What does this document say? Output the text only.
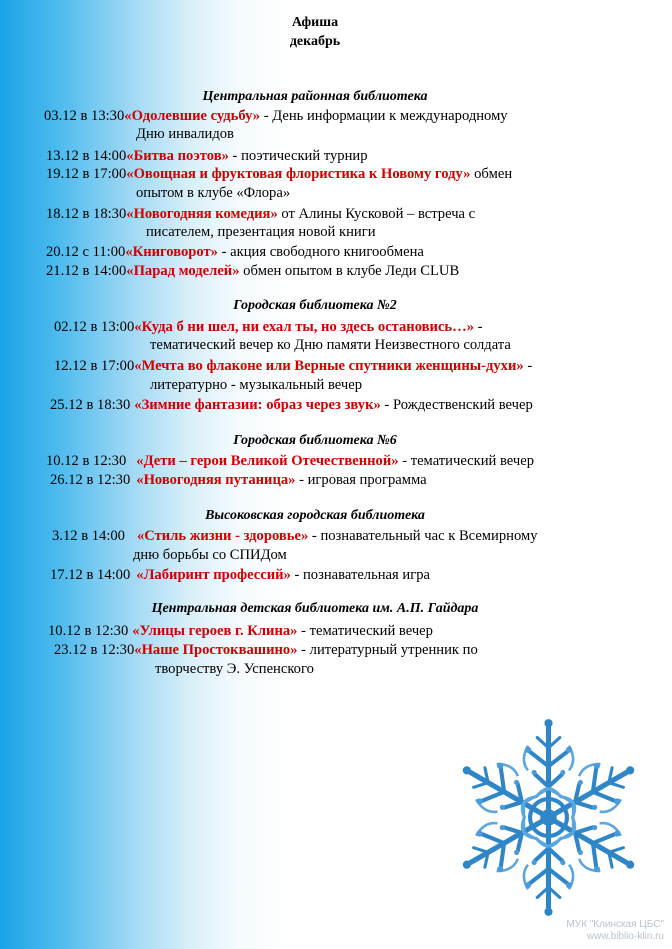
Афиша
декабрь
Центральная районная библиотека
03.12 в 13:30«Одолевшие судьбу» - День информации к международному
Дню инвалидов
13.12 в 14:00«Битва поэтов» - поэтический турнир
19.12 в 17:00«Овощная и фруктовая флористика к Новому году» обмен
опытом в клубе «Флора»
18.12 в 18:30«Новогодняя комедия» от Алины Кусковой – встреча с
писателем, презентация новой книги
20.12 с 11:00«Книговорот» - акция свободного книгообмена
21.12 в 14:00«Парад моделей» обмен опытом в клубе Леди CLUB
Городская библиотека №2
02.12 в 13:00«Куда б ни шел, ни ехал ты, но здесь остановись…» -
тематический вечер ко Дню памяти Неизвестного солдата
12.12 в 17:00«Мечта во флаконе или Верные спутники женщины-духи» -
литературно - музыкальный вечер
25.12 в 18:30 «Зимние фантазии: образ через звук» - Рождественский вечер
Городская библиотека №6
10.12 в 12:30 «Дети – герои Великой Отечественной» - тематический вечер
26.12 в 12:30 «Новогодняя путаница» - игровая программа
Высоковская городская библиотека
3.12 в 14:00 «Стиль жизни - здоровье» - познавательный час к Всемирному
дню борьбы со СПИДом
17.12 в 14:00 «Лабиринт профессий» - познавательная игра
Центральная детская библиотека им. А.П. Гайдара
10.12 в 12:30 «Улицы героев г. Клина» - тематический вечер
23.12 в 12:30«Наше Простоквашино» - литературный утренник по
творчеству Э. Успенского
МУК "Клинская ЦБС"
www.biblio-klin.ru
